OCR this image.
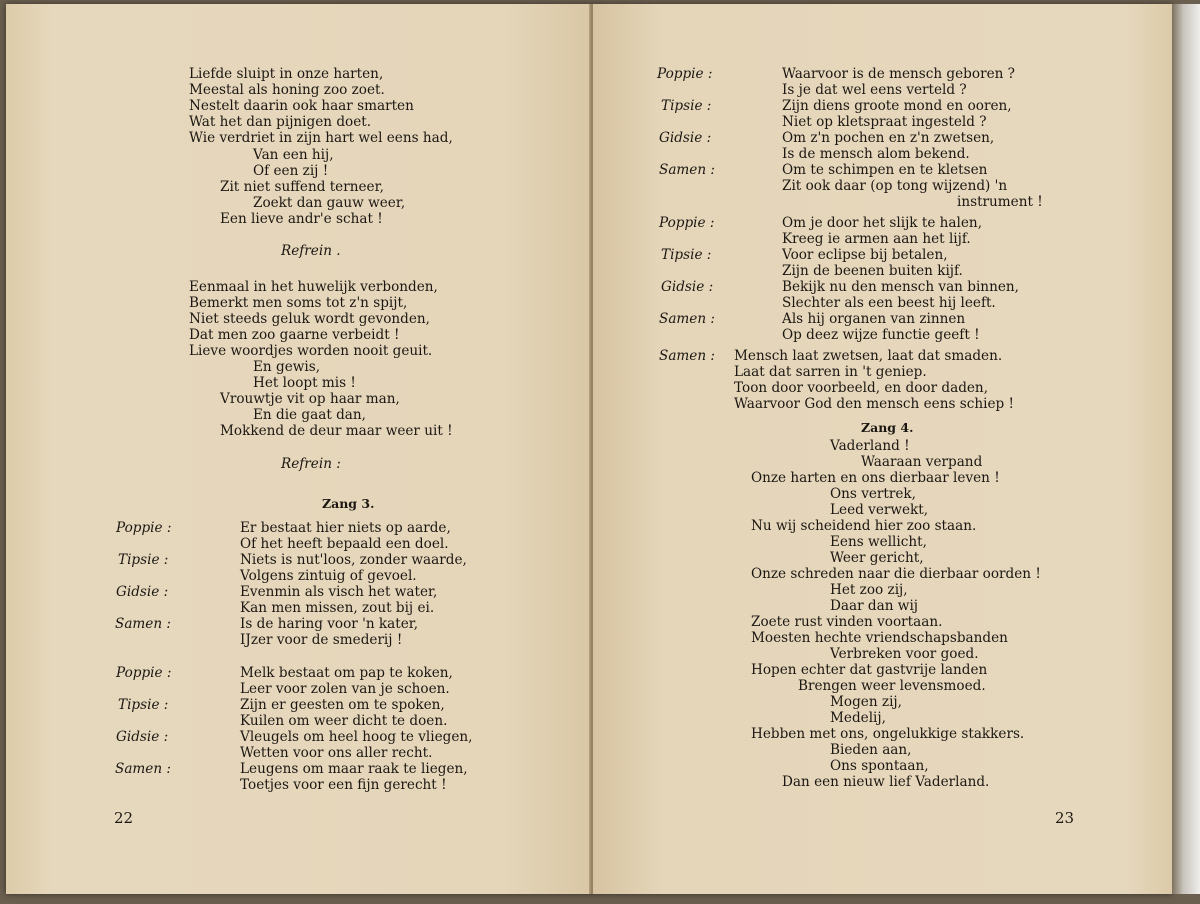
Liefde sluipt in onze harten,
Meestal als honing zoo zoet.
Nestelt daarin ook haar smarten
Wat het dan pijnigen doet.
Wie verdriet in zijn hart wel eens had,
Van een hij,
Of een zij !
Zit niet suffend terneer,
Zoekt dan gauw weer,
Een lieve andr'e schat !
Refrein .
Eenmaal in het huwelijk verbonden,
Bemerkt men soms tot z'n spijt,
Niet steeds geluk wordt gevonden,
Dat men zoo gaarne verbeidt !
Lieve woordjes worden nooit geuit.
En gewis,
Het loopt mis !
Vrouwtje vit op haar man,
En die gaat dan,
Mokkend de deur maar weer uit !
Refrein :
Zang 3.
Poppie :
Tipsie :
Gidsie :
Samen :
Er bestaat hier niets op aarde,
Of het heeft bepaald een doel.
Niets is nut'loos, zonder waarde,
Volgens zintuig of gevoel.
Evenmin als visch het water,
Kan men missen, zout bij ei.
Is de haring voor 'n kater,
IJzer voor de smederij !
Poppie :
Tipsie :
Gidsie :
Samen :
Melk bestaat om pap te koken,
Leer voor zolen van je schoen.
Zijn er geesten om te spoken,
Kuilen om weer dicht te doen.
Vleugels om heel hoog te vliegen,
Wetten voor ons aller recht.
Leugens om maar raak te liegen,
Toetjes voor een fijn gerecht !
22
Poppie :
Tipsie :
Gidsie :
Samen :
Waarvoor is de mensch geboren ?
Is je dat wel eens verteld ?
Zijn diens groote mond en ooren,
Niet op kletspraat ingesteld ?
Om z'n pochen en z'n zwetsen,
Is de mensch alom bekend.
Om te schimpen en te kletsen
Zit ook daar (op tong wijzend) 'n
instrument !
Poppie :
Tipsie :
Gidsie :
Samen :
Om je door het slijk te halen,
Kreeg ie armen aan het lijf.
Voor eclipse bij betalen,
Zijn de beenen buiten kijf.
Bekijk nu den mensch van binnen,
Slechter als een beest hij leeft.
Als hij organen van zinnen
Op deez wijze functie geeft !
Samen : Mensch laat zwetsen, laat dat smaden.
Laat dat sarren in 't geniep.
Toon door voorbeeld, en door daden,
Waarvoor God den mensch eens schiep !
Zang 4.
Vaderland !
Waaraan verpand
Onze harten en ons dierbaar leven !
Ons vertrek,
Leed verwekt,
Nu wij scheidend hier zoo staan.
Eens wellicht,
Weer gericht,
Onze schreden naar die dierbaar oorden !
Het zoo zij,
Daar dan wij
Zoete rust vinden voortaan.
Moesten hechte vriendschapsbanden
Verbreken voor goed.
Hopen echter dat gastvrije landen
Brengen weer levensmoed.
Mogen zij,
Medelij,
Hebben met ons, ongelukkige stakkers.
Bieden aan,
Ons spontaan,
Dan een nieuw lief Vaderland.
23
